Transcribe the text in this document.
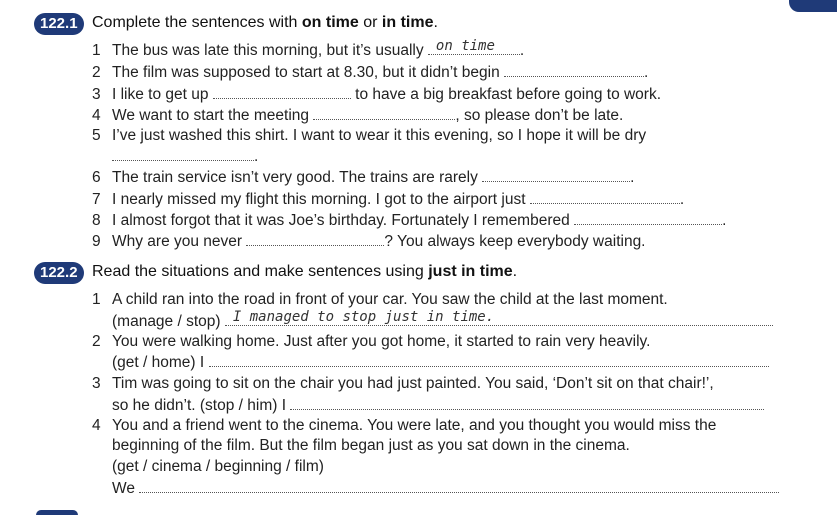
122.1 Complete the sentences with on time or in time.
1 The bus was late this morning, but it’s usually on time .
2 The film was supposed to start at 8.30, but it didn’t begin	.
3 I like to get up	to have a big breakfast before going to work.
4 We want to start the meeting	, so please don’t be late.
5 I’ve just washed this shirt. I want to wear it this evening, so I hope it will be dry
.
6 The train service isn’t very good. The trains are rarely	.
7 I nearly missed my flight this morning. I got to the airport just	.
8 I almost forgot that it was Joe’s birthday. Fortunately I remembered	.
9 Why are you never	? You always keep everybody waiting.
122.2 Read the situations and make sentences using just in time.
1 A child ran into the road in front of your car. You saw the child at the last moment.
(manage / stop) I managed to stop just in time.
2 You were walking home. Just after you got home, it started to rain very heavily.
(get / home) I
3 Tim was going to sit on the chair you had just painted. You said, ‘Don’t sit on that chair!’,
so he didn’t. (stop / him) I
4 You and a friend went to the cinema. You were late, and you thought you would miss the
beginning of the film. But the film began just as you sat down in the cinema.
(get / cinema / beginning / film)
We
